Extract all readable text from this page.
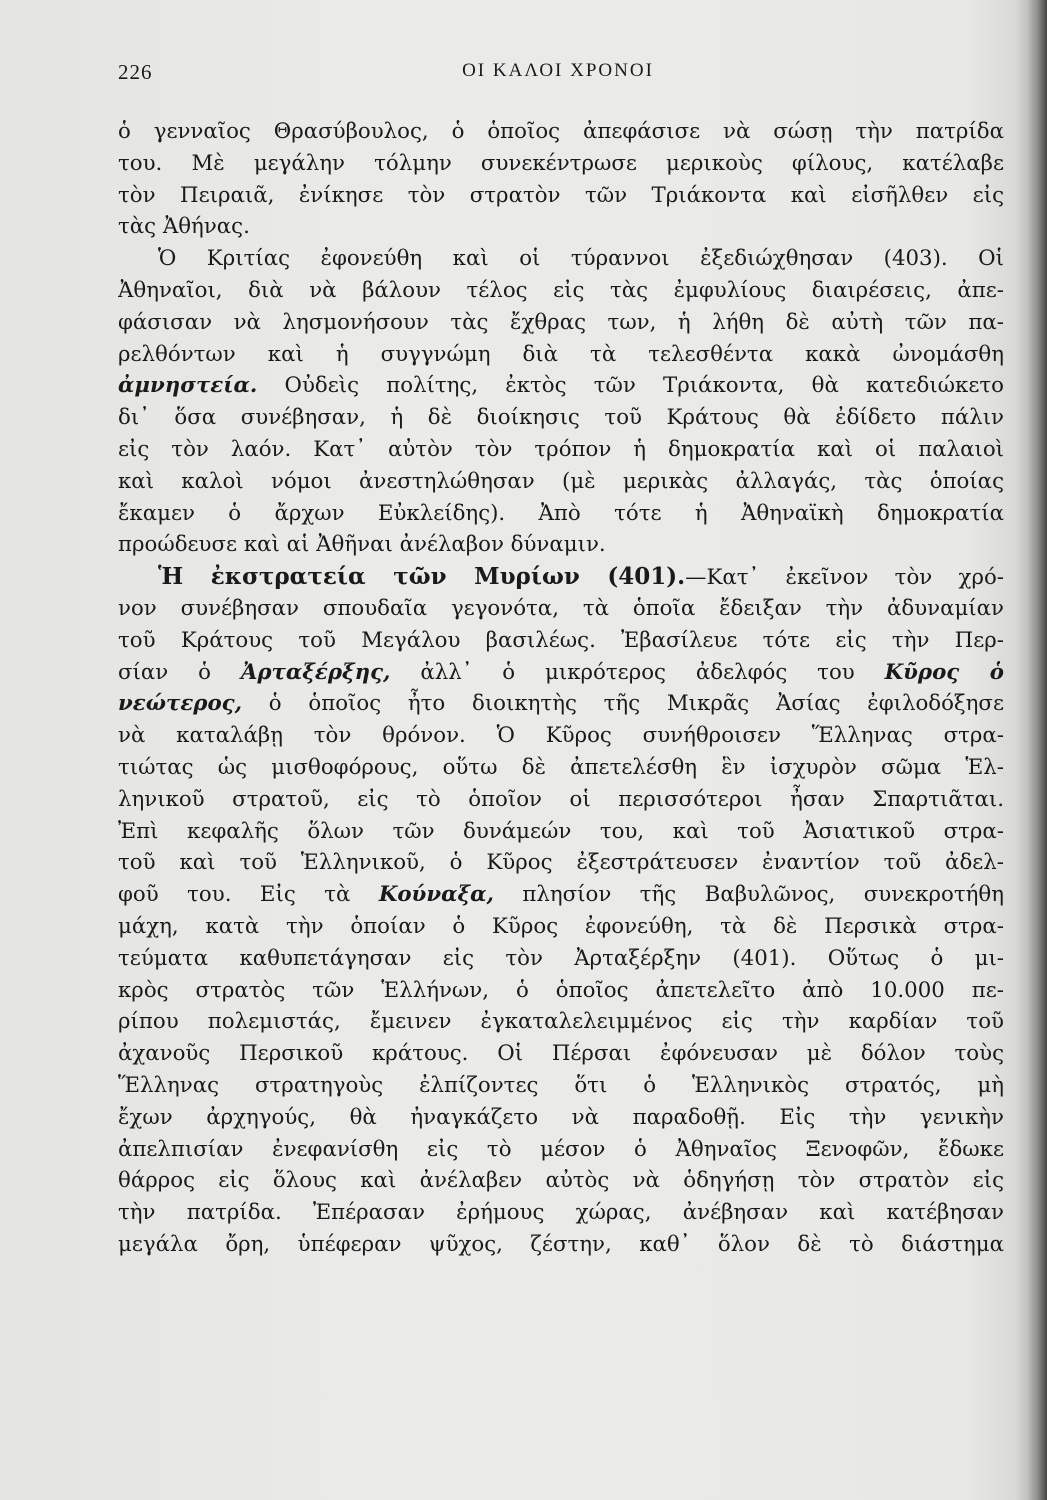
226	ΟΙ ΚΑΛΟΙ ΧΡΟΝΟΙ
ὁ γενναῖος Θρασύβουλος, ὁ ὁποῖος ἀπεφάσισε νὰ σώσῃ τὴν πατρίδα
του. Μὲ μεγάλην τόλμην συνεκέντρωσε μερικοὺς φίλους, κατέλαβε
τὸν Πειραιᾶ, ἐνίκησε τὸν στρατὸν τῶν Τριάκοντα καὶ εἰσῆλθεν εἰς
τὰς Ἀθήνας.
Ὁ Κριτίας ἐφονεύθη καὶ οἱ τύραννοι ἐξεδιώχθησαν (403). Οἱ
Ἀθηναῖοι, διὰ νὰ βάλουν τέλος εἰς τὰς ἐμφυλίους διαιρέσεις, ἀπε-
φάσισαν νὰ λησμονήσουν τὰς ἔχθρας των, ἡ λήθη δὲ αὐτὴ τῶν πα-
ρελθόντων καὶ ἡ συγγνώμη διὰ τὰ τελεσθέντα κακὰ ὠνομάσθη
ἀμνηστεία. Οὐδεὶς πολίτης, ἐκτὸς τῶν Τριάκοντα, θὰ κατεδιώκετο
δι᾽ ὅσα συνέβησαν, ἡ δὲ διοίκησις τοῦ Κράτους θὰ ἐδίδετο πάλιν
εἰς τὸν λαόν. Κατ᾽ αὐτὸν τὸν τρόπον ἡ δημοκρατία καὶ οἱ παλαιοὶ
καὶ καλοὶ νόμοι ἀνεστηλώθησαν (μὲ μερικὰς ἀλλαγάς, τὰς ὁποίας
ἔκαμεν ὁ ἄρχων Εὐκλείδης). Ἀπὸ τότε ἡ Ἀθηναϊκὴ δημοκρατία
προώδευσε καὶ αἱ Ἀθῆναι ἀνέλαβον δύναμιν.
Ἡ ἐκστρατεία τῶν Μυρίων (401).—Κατ᾽ ἐκεῖνον τὸν χρό-
νον συνέβησαν σπουδαῖα γεγονότα, τὰ ὁποῖα ἔδειξαν τὴν ἀδυναμίαν
τοῦ Κράτους τοῦ Μεγάλου βασιλέως. Ἐβασίλευε τότε εἰς τὴν Περ-
σίαν ὁ Ἀρταξέρξης, ἀλλ᾽ ὁ μικρότερος ἀδελφός του Κῦρος ὁ
νεώτερος, ὁ ὁποῖος ἦτο διοικητὴς τῆς Μικρᾶς Ἀσίας ἐφιλοδόξησε
νὰ καταλάβῃ τὸν θρόνον. Ὁ Κῦρος συνήθροισεν Ἕλληνας στρα-
τιώτας ὡς μισθοφόρους, οὕτω δὲ ἀπετελέσθη ἓν ἰσχυρὸν σῶμα Ἑλ-
ληνικοῦ στρατοῦ, εἰς τὸ ὁποῖον οἱ περισσότεροι ἦσαν Σπαρτιᾶται.
Ἐπὶ κεφαλῆς ὅλων τῶν δυνάμεών του, καὶ τοῦ Ἀσιατικοῦ στρα-
τοῦ καὶ τοῦ Ἑλληνικοῦ, ὁ Κῦρος ἐξεστράτευσεν ἐναντίον τοῦ ἀδελ-
φοῦ του. Εἰς τὰ Κούναξα, πλησίον τῆς Βαβυλῶνος, συνεκροτήθη
μάχη, κατὰ τὴν ὁποίαν ὁ Κῦρος ἐφονεύθη, τὰ δὲ Περσικὰ στρα-
τεύματα καθυπετάγησαν εἰς τὸν Ἀρταξέρξην (401). Οὕτως ὁ μι-
κρὸς στρατὸς τῶν Ἑλλήνων, ὁ ὁποῖος ἀπετελεῖτο ἀπὸ 10.000 πε-
ρίπου πολεμιστάς, ἔμεινεν ἐγκαταλελειμμένος εἰς τὴν καρδίαν τοῦ
ἀχανοῦς Περσικοῦ κράτους. Οἱ Πέρσαι ἐφόνευσαν μὲ δόλον τοὺς
Ἕλληνας στρατηγοὺς ἐλπίζοντες ὅτι ὁ Ἑλληνικὸς στρατός, μὴ
ἔχων ἀρχηγούς, θὰ ἠναγκάζετο νὰ παραδοθῇ. Εἰς τὴν γενικὴν
ἀπελπισίαν ἐνεφανίσθη εἰς τὸ μέσον ὁ Ἀθηναῖος Ξενοφῶν, ἔδωκε
θάρρος εἰς ὅλους καὶ ἀνέλαβεν αὐτὸς νὰ ὁδηγήσῃ τὸν στρατὸν εἰς
τὴν πατρίδα. Ἐπέρασαν ἐρήμους χώρας, ἀνέβησαν καὶ κατέβησαν
μεγάλα ὄρη, ὑπέφεραν ψῦχος, ζέστην, καθ᾽ ὅλον δὲ τὸ διάστημα
